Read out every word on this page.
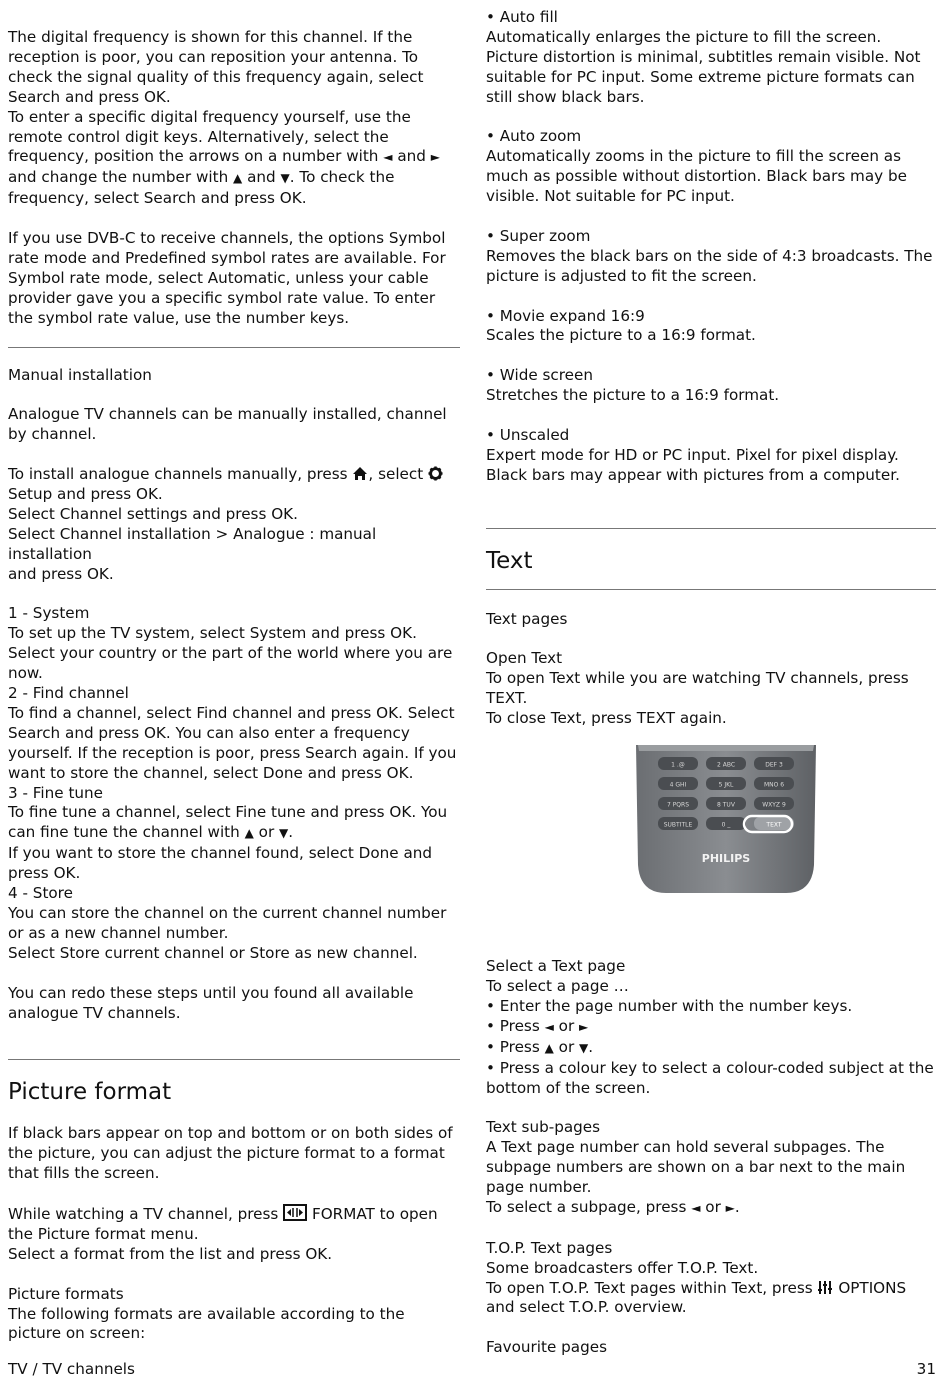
The digital frequency is shown for this channel. If the reception is poor, you can reposition your antenna. To check the signal quality of this frequency again, select Search and press OK.
To enter a specific digital frequency yourself, use the remote control digit keys. Alternatively, select the frequency, position the arrows on a number with ◄ and ► and change the number with ▲ and ▼. To check the frequency, select Search and press OK.

If you use DVB-C to receive channels, the options Symbol rate mode and Predefined symbol rates are available. For Symbol rate mode, select Automatic, unless your cable provider gave you a specific symbol rate value. To enter the symbol rate value, use the number keys.

Manual installation

Analogue TV channels can be manually installed, channel by channel.

To install analogue channels manually, press , select
Setup and press OK.
Select Channel settings and press OK.
Select Channel installation > Analogue : manual installation
and press OK.

1 - System
To set up the TV system, select System and press OK.
Select your country or the part of the world where you are now.

2 - Find channel
To find a channel, select Find channel and press OK. Select Search and press OK. You can also enter a frequency yourself. If the reception is poor, press Search again. If you want to store the channel, select Done and press OK.

3 - Fine tune
To fine tune a channel, select Fine tune and press OK. You can fine tune the channel with ▲ or ▼.
If you want to store the channel found, select Done and press OK.

4 - Store
You can store the channel on the current channel number or as a new channel number.
Select Store current channel or Store as new channel.

You can redo these steps until you found all available analogue TV channels.

Picture format

If black bars appear on top and bottom or on both sides of the picture, you can adjust the picture format to a format that fills the screen.

While watching a TV channel, press FORMAT to open the Picture format menu.
Select a format from the list and press OK.

Picture formats

The following formats are available according to the picture on screen:

• Auto fill
Automatically enlarges the picture to fill the screen. Picture distortion is minimal, subtitles remain visible. Not suitable for PC input. Some extreme picture formats can still show black bars.

• Auto zoom
Automatically zooms in the picture to fill the screen as much as possible without distortion. Black bars may be visible. Not suitable for PC input.

• Super zoom
Removes the black bars on the side of 4:3 broadcasts. The picture is adjusted to fit the screen.

• Movie expand 16:9
Scales the picture to a 16:9 format.

• Wide screen
Stretches the picture to a 16:9 format.

• Unscaled
Expert mode for HD or PC input. Pixel for pixel display. Black bars may appear with pictures from a computer.

Text

Text pages

Open Text
To open Text while you are watching TV channels, press
TEXT.
To close Text, press TEXT again.

1 .@	2 ABC	DEF 3
4 GHI	5 JKL	MNO 6
7 PQRS	8 TUV	WXYZ 9
SUBTITLE	0 _	TEXT
PHILIPS

Select a Text page
To select a page …
• Enter the page number with the number keys.
• Press ◄ or ►
• Press ▲ or ▼.
• Press a colour key to select a colour-coded subject at the bottom of the screen.

Text sub-pages
A Text page number can hold several subpages. The subpage numbers are shown on a bar next to the main page number.
To select a subpage, press ◄ or ►.

T.O.P. Text pages
Some broadcasters offer T.O.P. Text.
To open T.O.P. Text pages within Text, press OPTIONS
and select T.O.P. overview.

Favourite pages

TV / TV channels	31
